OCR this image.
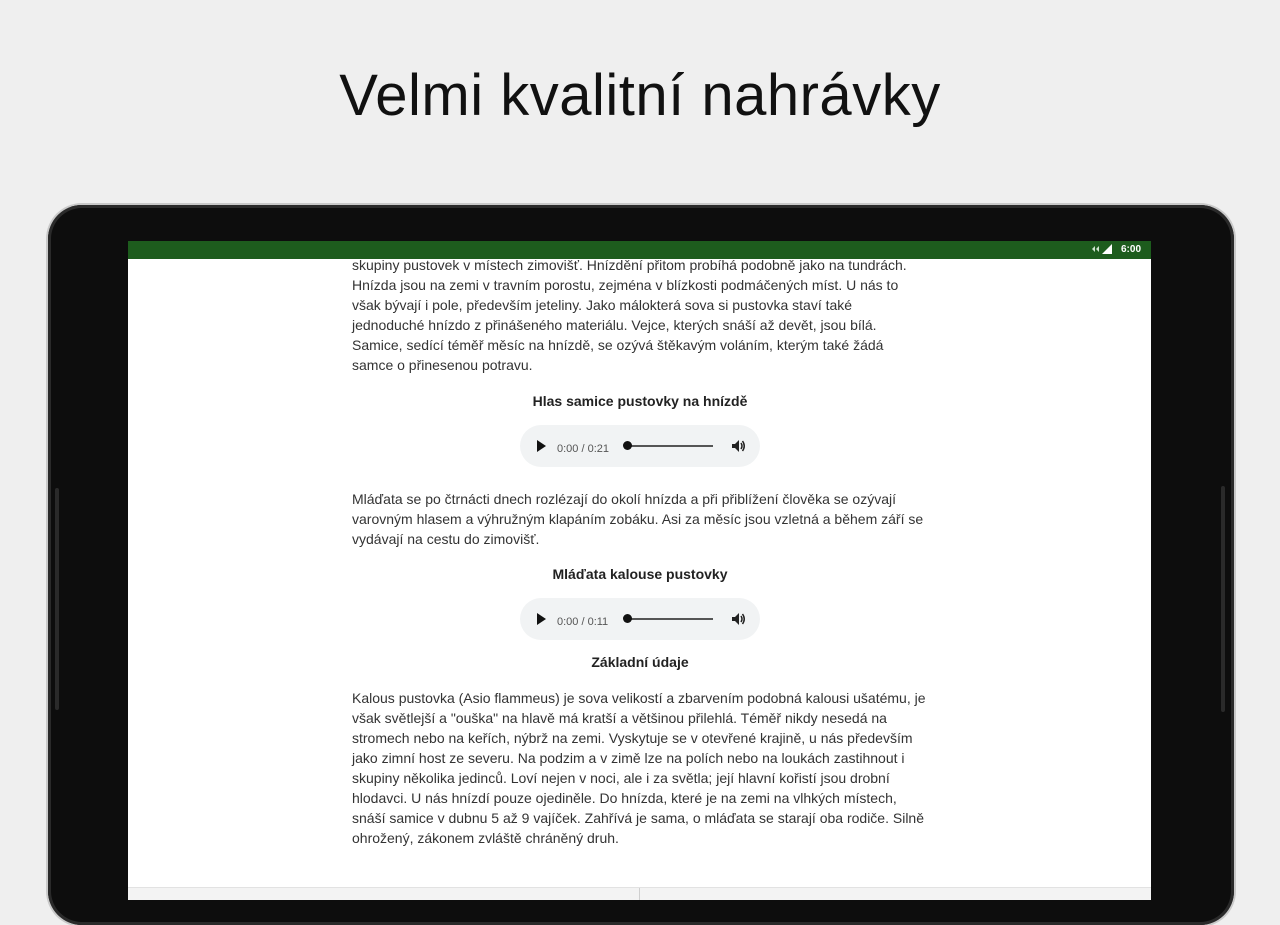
Velmi kvalitní nahrávky
6:00

skupiny pustovek v místech zimovišť. Hnízdění přitom probíhá podobně jako na tundrách. Hnízda jsou na zemi v travním porostu, zejména v blízkosti podmáčených míst. U nás to však bývají i pole, především jeteliny. Jako málokterá sova si pustovka staví také jednoduché hnízdo z přinášeného materiálu. Vejce, kterých snáší až devět, jsou bílá. Samice, sedící téměř měsíc na hnízdě, se ozývá štěkavým voláním, kterým také žádá samce o přinesenou potravu.

Hlas samice pustovky na hnízdě
0:00 / 0:21

Mláďata se po čtrnácti dnech rozlézají do okolí hnízda a při přiblížení člověka se ozývají varovným hlasem a výhružným klapáním zobáku. Asi za měsíc jsou vzletná a během září se vydávají na cestu do zimovišť.

Mláďata kalouse pustovky
0:00 / 0:11
Základní údaje

Kalous pustovka (Asio flammeus) je sova velikostí a zbarvením podobná kalousi ušatému, je však světlejší a "ouška" na hlavě má kratší a většinou přilehlá. Téměř nikdy nesedá na stromech nebo na keřích, nýbrž na zemi. Vyskytuje se v otevřené krajině, u nás především jako zimní host ze severu. Na podzim a v zimě lze na polích nebo na loukách zastihnout i skupiny několika jedinců. Loví nejen v noci, ale i za světla; její hlavní kořistí jsou drobní hlodavci. U nás hnízdí pouze ojediněle. Do hnízda, které je na zemi na vlhkých místech, snáší samice v dubnu 5 až 9 vajíček. Zahřívá je sama, o mláďata se starají oba rodiče. Silně ohrožený, zákonem zvláště chráněný druh.
